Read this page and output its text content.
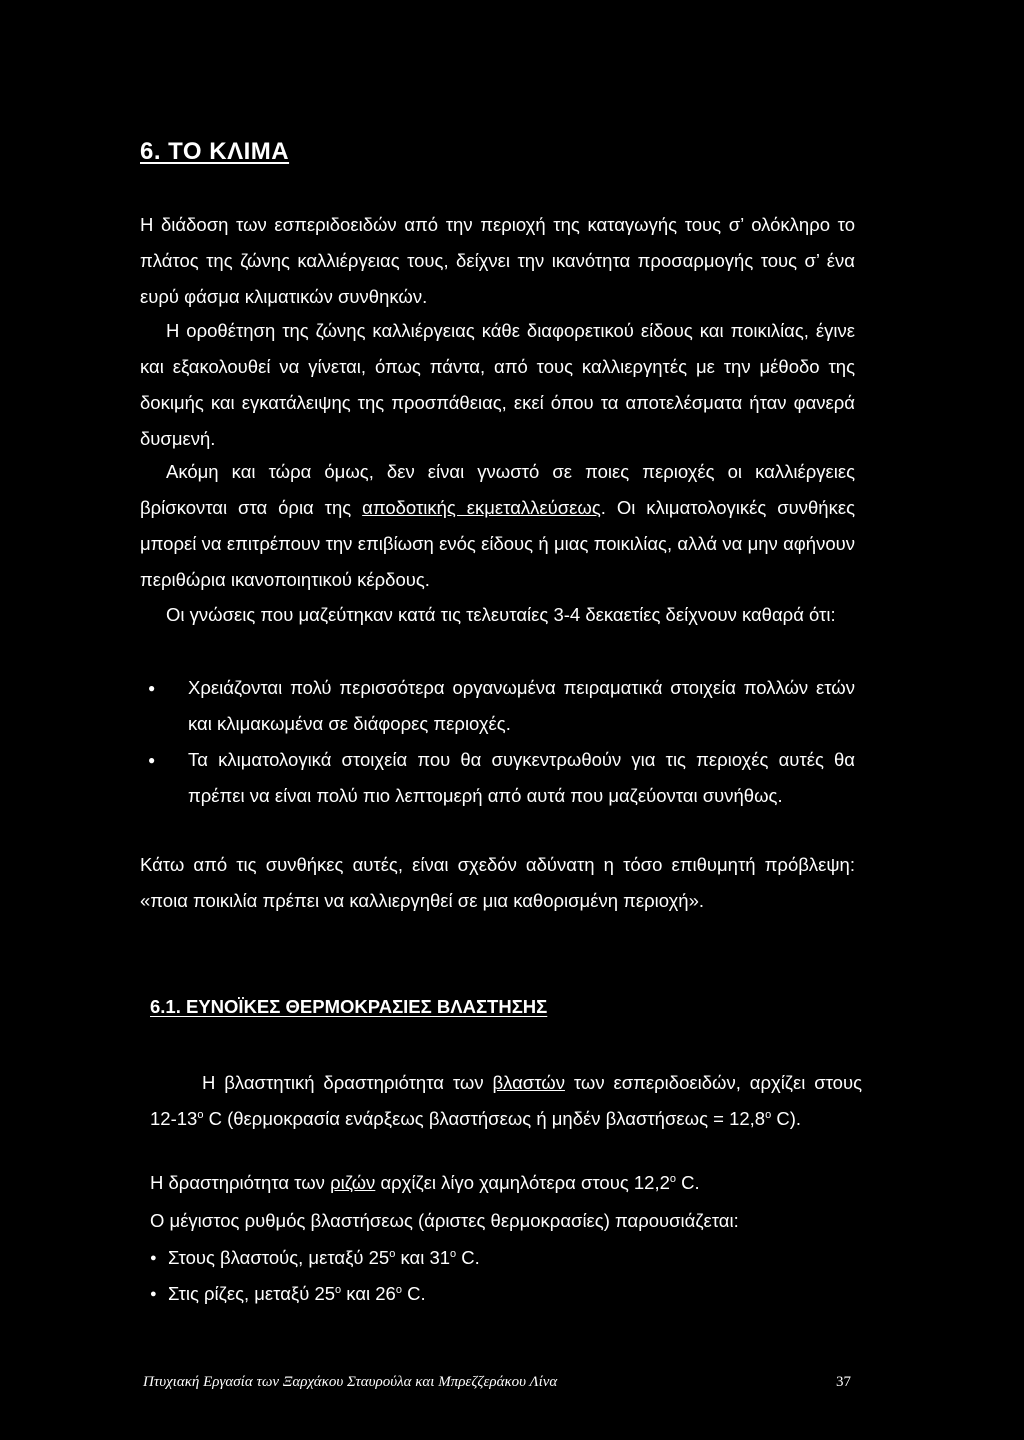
6. ΤΟ ΚΛΙΜΑ
Η διάδοση των εσπεριδοειδών από την περιοχή της καταγωγής τους σ’ ολόκληρο το πλάτος της ζώνης καλλιέργειας τους, δείχνει την ικανότητα προσαρμογής τους σ’ ένα ευρύ φάσμα κλιματικών συνθηκών.
Η οροθέτηση της ζώνης καλλιέργειας κάθε διαφορετικού είδους και ποικιλίας, έγινε και εξακολουθεί να γίνεται, όπως πάντα, από τους καλλιεργητές με την μέθοδο της δοκιμής και εγκατάλειψης της προσπάθειας, εκεί όπου τα αποτελέσματα ήταν φανερά δυσμενή.
Ακόμη και τώρα όμως, δεν είναι γνωστό σε ποιες περιοχές οι καλλιέργειες βρίσκονται στα όρια της αποδοτικής εκμεταλλεύσεως. Οι κλιματολογικές συνθήκες μπορεί να επιτρέπουν την επιβίωση ενός είδους ή μιας ποικιλίας, αλλά να μην αφήνουν περιθώρια ικανοποιητικού κέρδους.
Οι γνώσεις που μαζεύτηκαν κατά τις τελευταίες 3-4 δεκαετίες δείχνουν καθαρά ότι:
● Χρειάζονται πολύ περισσότερα οργανωμένα πειραματικά στοιχεία πολλών ετών και κλιμακωμένα σε διάφορες περιοχές.
● Τα κλιματολογικά στοιχεία που θα συγκεντρωθούν για τις περιοχές αυτές θα πρέπει να είναι πολύ πιο λεπτομερή από αυτά που μαζεύονται συνήθως.
Κάτω από τις συνθήκες αυτές, είναι σχεδόν αδύνατη η τόσο επιθυμητή πρόβλεψη: «ποια ποικιλία πρέπει να καλλιεργηθεί σε μια καθορισμένη περιοχή».
6.1. ΕΥΝΟΪΚΕΣ ΘΕΡΜΟΚΡΑΣΙΕΣ ΒΛΑΣΤΗΣΗΣ
Η βλαστητική δραστηριότητα των βλαστών των εσπεριδοειδών, αρχίζει στους 12-13$^o$ C (θερμοκρασία ενάρξεως βλαστήσεως ή μηδέν $\beta\lambda\alpha\sigma\tau ή\sigma\varepsilon\omega\varsigma = 12,8^o$ C).
Η δραστηριότητα των ριζών αρχίζει λίγο χαμηλότερα στους 12,2$^o$ C.
Ο μέγιστος ρυθμός βλαστήσεως (άριστες θερμοκρασίες) παρουσιάζεται:
● Στους βλαστούς, μεταξύ 25$^o$ και 31$^o$ C.
● Στις ρίζες, μεταξύ 25$^o$ και 26$^o$ C.
Πτυχιακή Εργασία των Ξαρχάκου Σταυρούλα και Μπρεζζεράκου Λίνα	37
